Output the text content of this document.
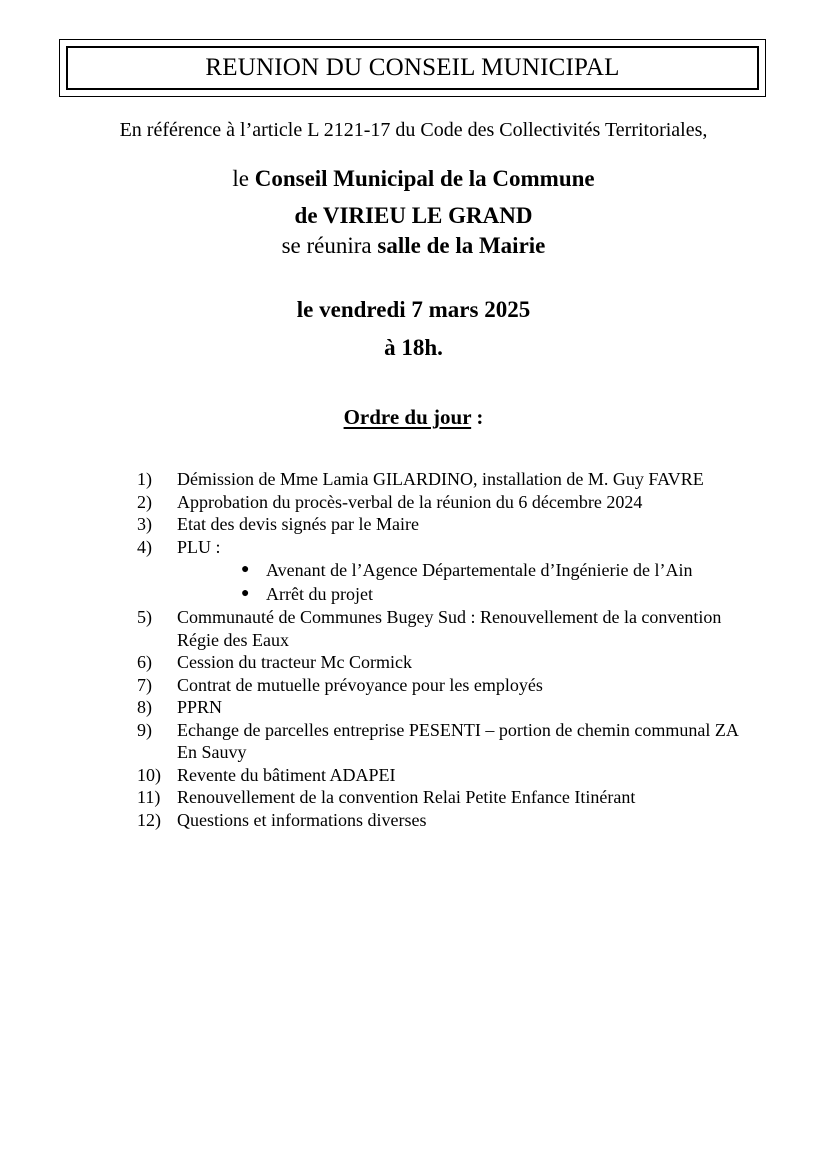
REUNION DU CONSEIL MUNICIPAL
En référence à l’article L 2121-17 du Code des Collectivités Territoriales,
le Conseil Municipal de la Commune
de VIRIEU LE GRAND
se réunira salle de la Mairie
le vendredi 7 mars 2025
à 18h.
Ordre du jour :
1)	Démission de Mme Lamia GILARDINO, installation de M. Guy FAVRE
2)	Approbation du procès-verbal de la réunion du 6 décembre 2024
3)	Etat des devis signés par le Maire
4)	PLU :
● Avenant de l’Agence Départementale d’Ingénierie de l’Ain
● Arrêt du projet
5)	Communauté de Communes Bugey Sud : Renouvellement de la convention Régie des Eaux
6)	Cession du tracteur Mc Cormick
7)	Contrat de mutuelle prévoyance pour les employés
8)	PPRN
9)	Echange de parcelles entreprise PESENTI – portion de chemin communal ZA En Sauvy
10) Revente du bâtiment ADAPEI
11) Renouvellement de la convention Relai Petite Enfance Itinérant
12) Questions et informations diverses
